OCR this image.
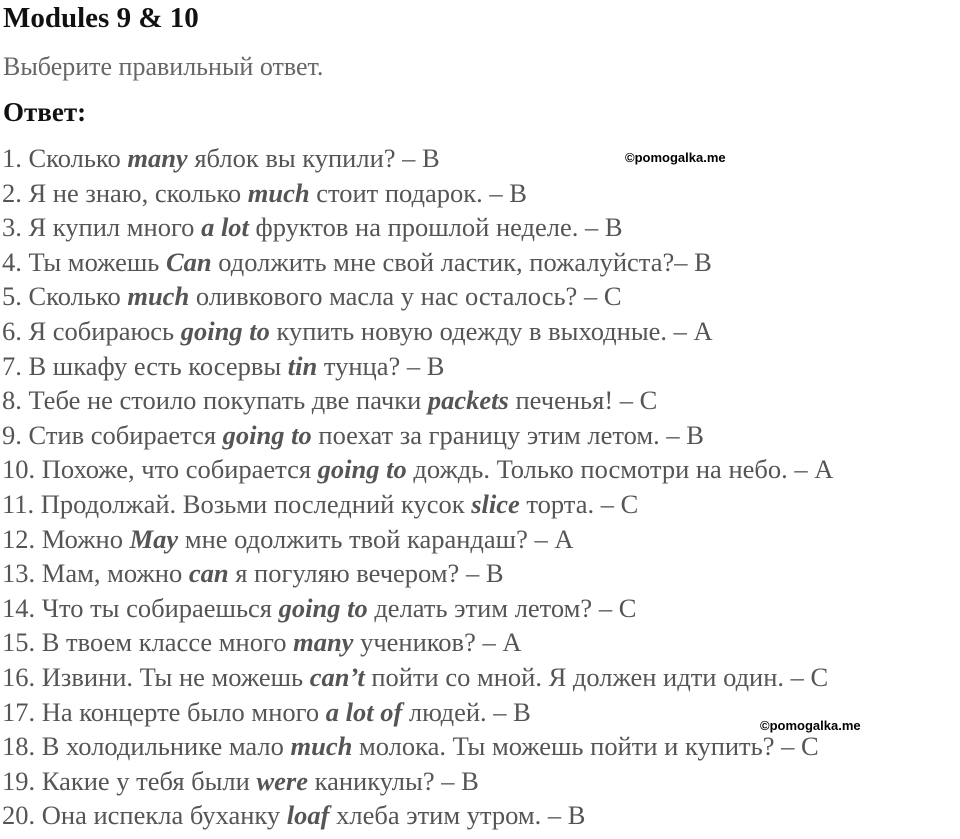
Modules 9 & 10
Выберите правильный ответ.
Ответ:
1. Сколько many яблок вы купили? – B
2. Я не знаю, сколько much стоит подарок. – B
3. Я купил много a lot фруктов на прошлой неделе. – B
4. Ты можешь Can одолжить мне свой ластик, пожалуйста?– B
5. Сколько much оливкового масла у нас осталось? – C
6. Я собираюсь going to купить новую одежду в выходные. – A
7. В шкафу есть косервы tin тунца? – B
8. Тебе не стоило покупать две пачки packets печенья! – C
9. Стив собирается going to поехат за границу этим летом. – B
10. Похоже, что собирается going to дождь. Только посмотри на небо. – A
11. Продолжай. Возьми последний кусок slice торта. – C
12. Можно May мне одолжить твой карандаш? – A
13. Мам, можно can я погуляю вечером? – B
14. Что ты собираешься going to делать этим летом? – C
15. В твоем классе много many учеников? – A
16. Извини. Ты не можешь can’t пойти со мной. Я должен идти один. – C
17. На концерте было много a lot of людей. – B
18. В холодильнике мало much молока. Ты можешь пойти и купить? – C
19. Какие у тебя были were каникулы? – B
20. Она испекла буханку loaf хлеба этим утром. – B
©pomogalka.me
©pomogalka.me
